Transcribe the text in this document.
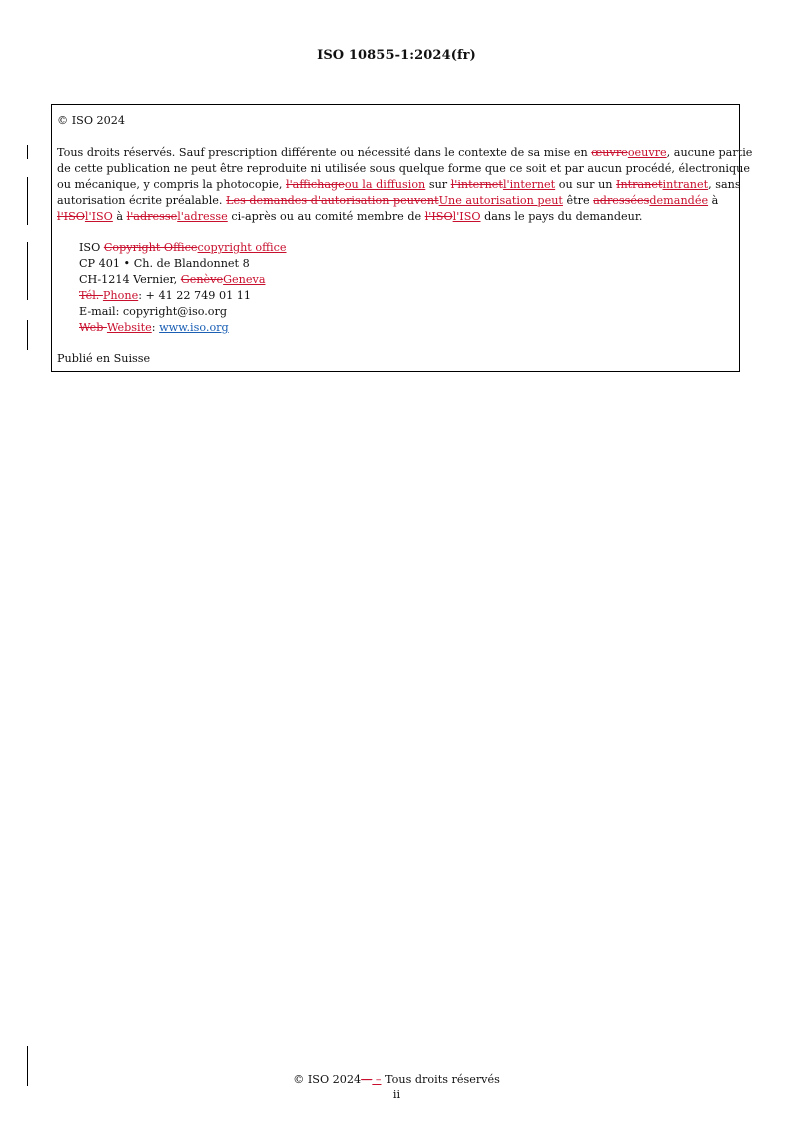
ISO 10855-1:2024(fr)
© ISO 2024
Tous droits réservés. Sauf prescription différente ou nécessité dans le contexte de sa mise en œuvreoeuvre, aucune partie
de cette publication ne peut être reproduite ni utilisée sous quelque forme que ce soit et par aucun procédé, électronique
ou mécanique, y compris la photocopie, l'affichageou la diffusion sur l'internetl'internet ou sur un Intranetintranet, sans
autorisation écrite préalable. Les demandes d'autorisation peuventUne autorisation peut être adresséesdemandée à
l'ISOl'ISO à l'adressel'adresse ci-après ou au comité membre de l'ISOl'ISO dans le pays du demandeur.
ISO Copyright Officecopyright office
CP 401 • Ch. de Blandonnet 8
CH-1214 Vernier, GenèveGeneva
Tél. Phone: + 41 22 749 01 11
E-mail: copyright@iso.org
Web Website: www.iso.org
Publié en Suisse
© ISO 2024— – Tous droits réservés
ii
